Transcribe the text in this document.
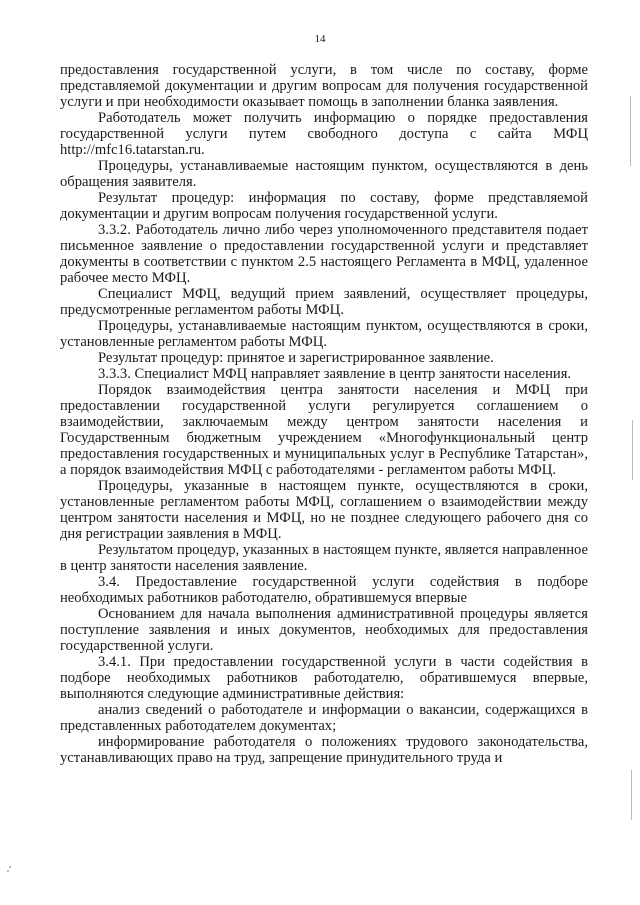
14

предоставления государственной услуги, в том числе по составу, форме представляемой документации и другим вопросам для получения государственной услуги и при необходимости оказывает помощь в заполнении бланка заявления.

Работодатель может получить информацию о порядке предоставления государственной услуги путем свободного доступа с сайта МФЦ http://mfc16.tatarstan.ru.

Процедуры, устанавливаемые настоящим пунктом, осуществляются в день обращения заявителя.

Результат процедур: информация по составу, форме представляемой документации и другим вопросам получения государственной услуги.

3.3.2. Работодатель лично либо через уполномоченного представителя подает письменное заявление о предоставлении государственной услуги и представляет документы в соответствии с пунктом 2.5 настоящего Регламента в МФЦ, удаленное рабочее место МФЦ.

Специалист МФЦ, ведущий прием заявлений, осуществляет процедуры, предусмотренные регламентом работы МФЦ.

Процедуры, устанавливаемые настоящим пунктом, осуществляются в сроки, установленные регламентом работы МФЦ.

Результат процедур: принятое и зарегистрированное заявление.

3.3.3. Специалист МФЦ направляет заявление в центр занятости населения.

Порядок взаимодействия центра занятости населения и МФЦ при предоставлении государственной услуги регулируется соглашением о взаимодействии, заключаемым между центром занятости населения и Государственным бюджетным учреждением «Многофункциональный центр предоставления государственных и муниципальных услуг в Республике Татарстан», а порядок взаимодействия МФЦ с работодателями - регламентом работы МФЦ.

Процедуры, указанные в настоящем пункте, осуществляются в сроки, установленные регламентом работы МФЦ, соглашением о взаимодействии между центром занятости населения и МФЦ, но не позднее следующего рабочего дня со дня регистрации заявления в МФЦ.

Результатом процедур, указанных в настоящем пункте, является направленное в центр занятости населения заявление.

3.4. Предоставление государственной услуги содействия в подборе необходимых работников работодателю, обратившемуся впервые

Основанием для начала выполнения административной процедуры является поступление заявления и иных документов, необходимых для предоставления государственной услуги.

3.4.1. При предоставлении государственной услуги в части содействия в подборе необходимых работников работодателю, обратившемуся впервые, выполняются следующие административные действия:

анализ сведений о работодателе и информации о вакансии, содержащихся в представленных работодателем документах;

информирование работодателя о положениях трудового законодательства, устанавливающих право на труд, запрещение принудительного труда и
